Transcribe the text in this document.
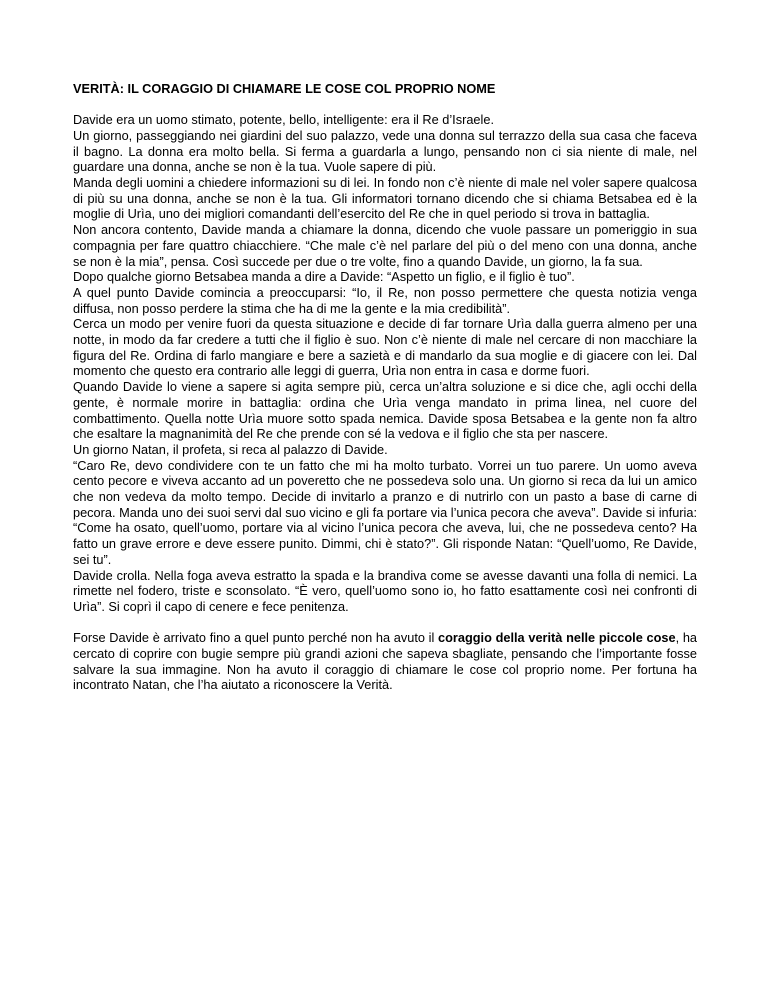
VERITÀ: IL CORAGGIO DI CHIAMARE LE COSE COL PROPRIO NOME

Davide era un uomo stimato, potente, bello, intelligente: era il Re d’Israele.

Un giorno, passeggiando nei giardini del suo palazzo, vede una donna sul terrazzo della sua casa che faceva il bagno. La donna era molto bella. Si ferma a guardarla a lungo, pensando non ci sia niente di male, nel guardare una donna, anche se non è la tua. Vuole sapere di più.

Manda degli uomini a chiedere informazioni su di lei. In fondo non c’è niente di male nel voler sapere qualcosa di più su una donna, anche se non è la tua. Gli informatori tornano dicendo che si chiama Betsabea ed è la moglie di Urìa, uno dei migliori comandanti dell’esercito del Re che in quel periodo si trova in battaglia.

Non ancora contento, Davide manda a chiamare la donna, dicendo che vuole passare un pomeriggio in sua compagnia per fare quattro chiacchiere. “Che male c’è nel parlare del più o del meno con una donna, anche se non è la mia”, pensa. Così succede per due o tre volte, fino a quando Davide, un giorno, la fa sua.

Dopo qualche giorno Betsabea manda a dire a Davide: “Aspetto un figlio, e il figlio è tuo”.

A quel punto Davide comincia a preoccuparsi: “Io, il Re, non posso permettere che questa notizia venga diffusa, non posso perdere la stima che ha di me la gente e la mia credibilità”.

Cerca un modo per venire fuori da questa situazione e decide di far tornare Urìa dalla guerra almeno per una notte, in modo da far credere a tutti che il figlio è suo. Non c’è niente di male nel cercare di non macchiare la figura del Re. Ordina di farlo mangiare e bere a sazietà e di mandarlo da sua moglie e di giacere con lei. Dal momento che questo era contrario alle leggi di guerra, Urìa non entra in casa e dorme fuori.

Quando Davide lo viene a sapere si agita sempre più, cerca un’altra soluzione e si dice che, agli occhi della gente, è normale morire in battaglia: ordina che Urìa venga mandato in prima linea, nel cuore del combattimento. Quella notte Urìa muore sotto spada nemica. Davide sposa Betsabea e la gente non fa altro che esaltare la magnanimità del Re che prende con sé la vedova e il figlio che sta per nascere.

Un giorno Natan, il profeta, si reca al palazzo di Davide.

“Caro Re, devo condividere con te un fatto che mi ha molto turbato. Vorrei un tuo parere. Un uomo aveva cento pecore e viveva accanto ad un poveretto che ne possedeva solo una. Un giorno si reca da lui un amico che non vedeva da molto tempo. Decide di invitarlo a pranzo e di nutrirlo con un pasto a base di carne di pecora. Manda uno dei suoi servi dal suo vicino e gli fa portare via l’unica pecora che aveva”. Davide si infuria: “Come ha osato, quell’uomo, portare via al vicino l’unica pecora che aveva, lui, che ne possedeva cento? Ha fatto un grave errore e deve essere punito. Dimmi, chi è stato?”. Gli risponde Natan: “Quell’uomo, Re Davide, sei tu”.

Davide crolla. Nella foga aveva estratto la spada e la brandiva come se avesse davanti una folla di nemici. La rimette nel fodero, triste e sconsolato. “È vero, quell’uomo sono io, ho fatto esattamente così nei confronti di Urìa”. Si coprì il capo di cenere e fece penitenza.

Forse Davide è arrivato fino a quel punto perché non ha avuto il coraggio della verità nelle piccole cose, ha cercato di coprire con bugie sempre più grandi azioni che sapeva sbagliate, pensando che l’importante fosse salvare la sua immagine. Non ha avuto il coraggio di chiamare le cose col proprio nome. Per fortuna ha incontrato Natan, che l’ha aiutato a riconoscere la Verità.
